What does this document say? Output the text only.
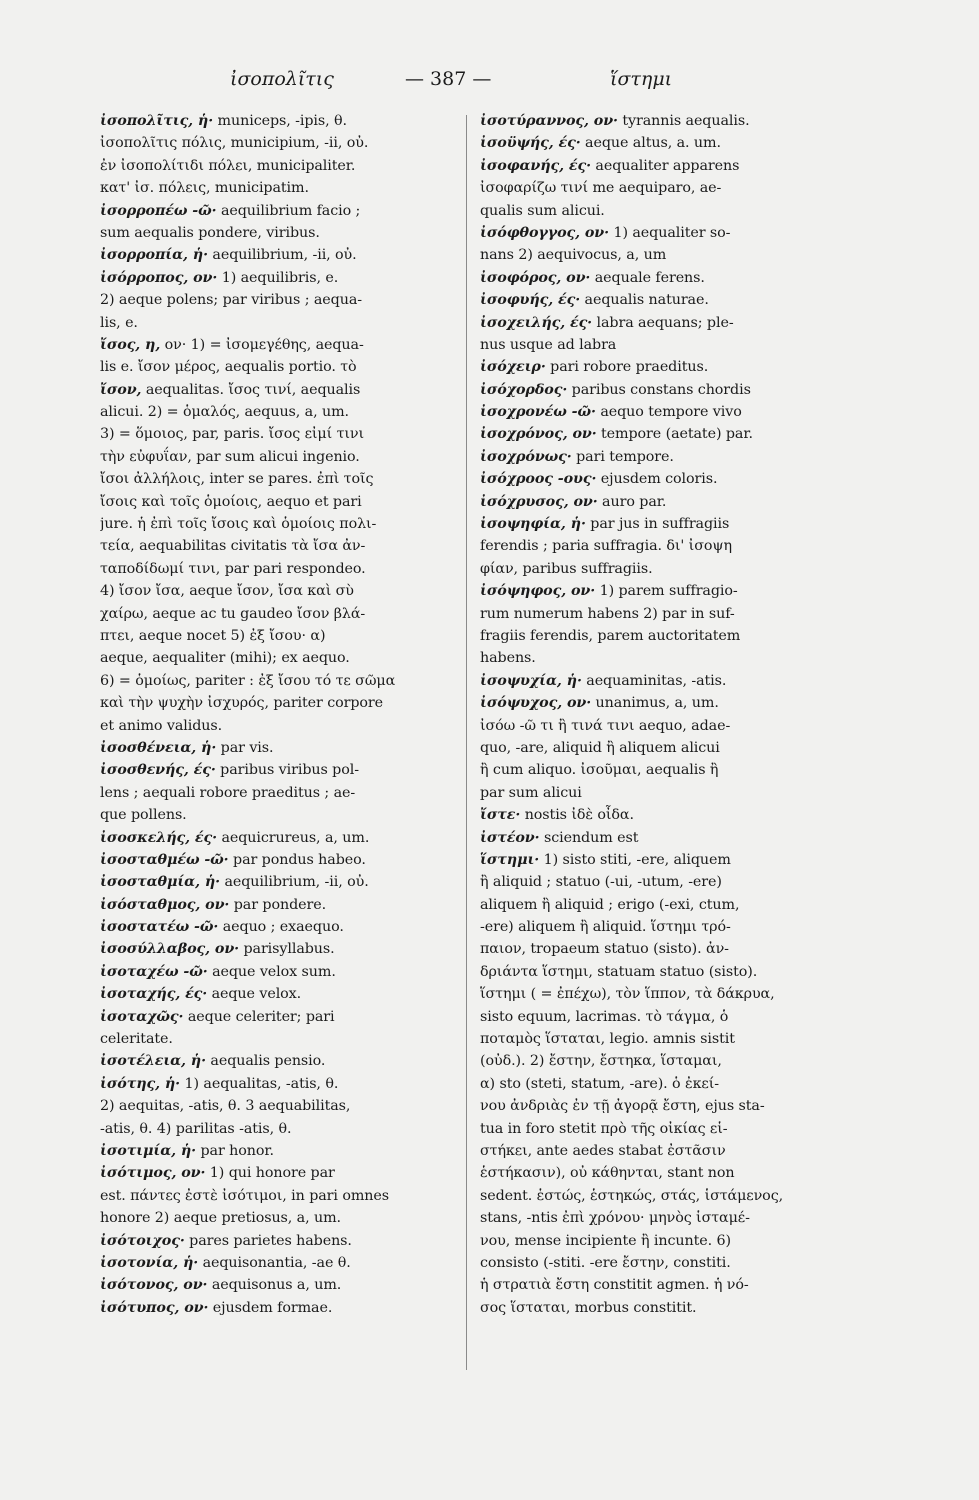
ἰσοπολῖτις	— 387 —	ἵστημι
ἰσοπολῖτις, ἡ· municeps, -ipis, θ.
ἰσοπολῖτις πόλις, municipium, -ii, οὐ.
ἐν ἰσοπολίτιδι πόλει, municipaliter.
κατ' ἰσ. πόλεις, municipatim.
ἰσορροπέω -ῶ· aequilibrium facio ;
sum aequalis pondere, viribus.
ἰσορροπία, ἡ· aequilibrium, -ii, οὐ.
ἰσόρροπος, ον· 1) aequilibris, e.
2) aeque polens; par viribus ; aequa-
lis, e.
ἴσος, η, ον· 1) = ἰσομεγέθης, aequa-
lis e. ἴσον μέρος, aequalis portio. τὸ
ἴσον, aequalitas. ἴσος τινί, aequalis
alicui. 2) = ὁμαλός, aequus, a, um.
3) = ὅμοιος, par, paris. ἴσος εἰμί τινι
τὴν εὐφυΐαν, par sum alicui ingenio.
ἴσοι ἀλλήλοις, inter se pares. ἐπὶ τοῖς
ἴσοις καὶ τοῖς ὁμοίοις, aequo et pari
jure. ἡ ἐπὶ τοῖς ἴσοις καὶ ὁμοίοις πολι-
τεία, aequabilitas civitatis τὰ ἴσα ἀν-
ταποδίδωμί τινι, par pari respondeo.
4) ἴσον ἴσα, aeque ἴσον, ἴσα καὶ σὺ
χαίρω, aeque ac tu gaudeo ἴσον βλά-
πτει, aeque nocet 5) ἐξ ἴσου· α)
aeque, aequaliter (mihi); ex aequo.
6) = ὁμοίως, pariter : ἐξ ἴσου τό τε σῶμα
καὶ τὴν ψυχὴν ἰσχυρός, pariter corpore
et animo validus.
ἰσοσθένεια, ἡ· par vis.
ἰσοσθενής, ές· paribus viribus pol-
lens ; aequali robore praeditus ; ae-
que pollens.
ἰσοσκελής, ές· aequicrureus, a, um.
ἰσοσταθμέω -ῶ· par pondus habeo.
ἰσοσταθμία, ἡ· aequilibrium, -ii, οὐ.
ἰσόσταθμος, ον· par pondere.
ἰσοστατέω -ῶ· aequo ; exaequo.
ἰσοσύλλαβος, ον· parisyllabus.
ἰσοταχέω -ῶ· aeque velox sum.
ἰσοταχής, ές· aeque velox.
ἰσοταχῶς· aeque celeriter; pari
celeritate.
ἰσοτέλεια, ἡ· aequalis pensio.
ἰσότης, ἡ· 1) aequalitas, -atis, θ.
2) aequitas, -atis, θ. 3 aequabilitas,
-atis, θ. 4) parilitas -atis, θ.
ἰσοτιμία, ἡ· par honor.
ἰσότιμος, ον· 1) qui honore par
est. πάντες ἐστὲ ἰσότιμοι, in pari omnes
honore 2) aeque pretiosus, a, um.
ἰσότοιχος· pares parietes habens.
ἰσοτονία, ἡ· aequisonantia, -ae θ.
ἰσότονος, ον· aequisonus a, um.
ἰσότυπος, ον· ejusdem formae.
ἰσοτύραννος, ον· tyrannis aequalis.
ἰσοϋψής, ές· aeque altus, a. um.
ἰσοφανής, ές· aequaliter apparens
ἰσοφαρίζω τινί me aequiparo, ae-
qualis sum alicui.
ἰσόφθογγος, ον· 1) aequaliter so-
nans 2) aequivocus, a, um
ἰσοφόρος, ον· aequale ferens.
ἰσοφυής, ές· aequalis naturae.
ἰσοχειλής, ές· labra aequans; ple-
nus usque ad labra
ἰσόχειρ· pari robore praeditus.
ἰσόχορδος· paribus constans chordis
ἰσοχρονέω -ῶ· aequo tempore vivo
ἰσοχρόνος, ον· tempore (aetate) par.
ἰσοχρόνως· pari tempore.
ἰσόχροος -ους· ejusdem coloris.
ἰσόχρυσος, ον· auro par.
ἰσοψηφία, ἡ· par jus in suffragiis
ferendis ; paria suffragia. δι' ἰσοψη
φίαν, paribus suffragiis.
ἰσόψηφος, ον· 1) parem suffragio-
rum numerum habens 2) par in suf-
fragiis ferendis, parem auctoritatem
habens.
ἰσοψυχία, ἡ· aequaminitas, -atis.
ἰσόψυχος, ον· unanimus, a, um.
ἰσόω -ῶ τι ἢ τινά τινι aequo, adae-
quo, -are, aliquid ἢ aliquem alicui
ἢ cum aliquo. ἰσοῦμαι, aequalis ἢ
par sum alicui
ἴστε· nostis ἰδὲ οἶδα.
ἰστέον· sciendum est
ἵστημι· 1) sisto stiti, -ere, aliquem
ἢ aliquid ; statuo (-ui, -utum, -ere)
aliquem ἢ aliquid ; erigo (-exi, ctum,
-ere) aliquem ἢ aliquid. ἵστημι τρό-
παιον, tropaeum statuo (sisto). ἀν-
δριάντα ἵστημι, statuam statuo (sisto).
ἵστημι ( = ἐπέχω), τὸν ἵππον, τὰ δάκρυα,
sisto equum, lacrimas. τὸ τάγμα, ὁ
ποταμὸς ἵσταται, legio. amnis sistit
(οὐδ.). 2) ἔστην, ἔστηκα, ἵσταμαι,
α) sto (steti, statum, -are). ὁ ἐκεί-
νου ἀνδριὰς ἐν τῇ ἀγορᾷ ἔστη, ejus sta-
tua in foro stetit πρὸ τῆς οἰκίας εἱ-
στήκει, ante aedes stabat ἐστᾶσιν
ἑστήκασιν), οὐ κάθηνται, stant non
sedent. ἑστώς, ἑστηκώς, στάς, ἱστάμενος,
stans, -ntis ἐπὶ χρόνου· μηνὸς ἱσταμέ-
νου, mense incipiente ἢ incunte. 6)
consisto (-stiti. -ere ἔστην, constiti.
ἡ στρατιὰ ἔστη constitit agmen. ἡ νό-
σος ἵσταται, morbus constitit.
